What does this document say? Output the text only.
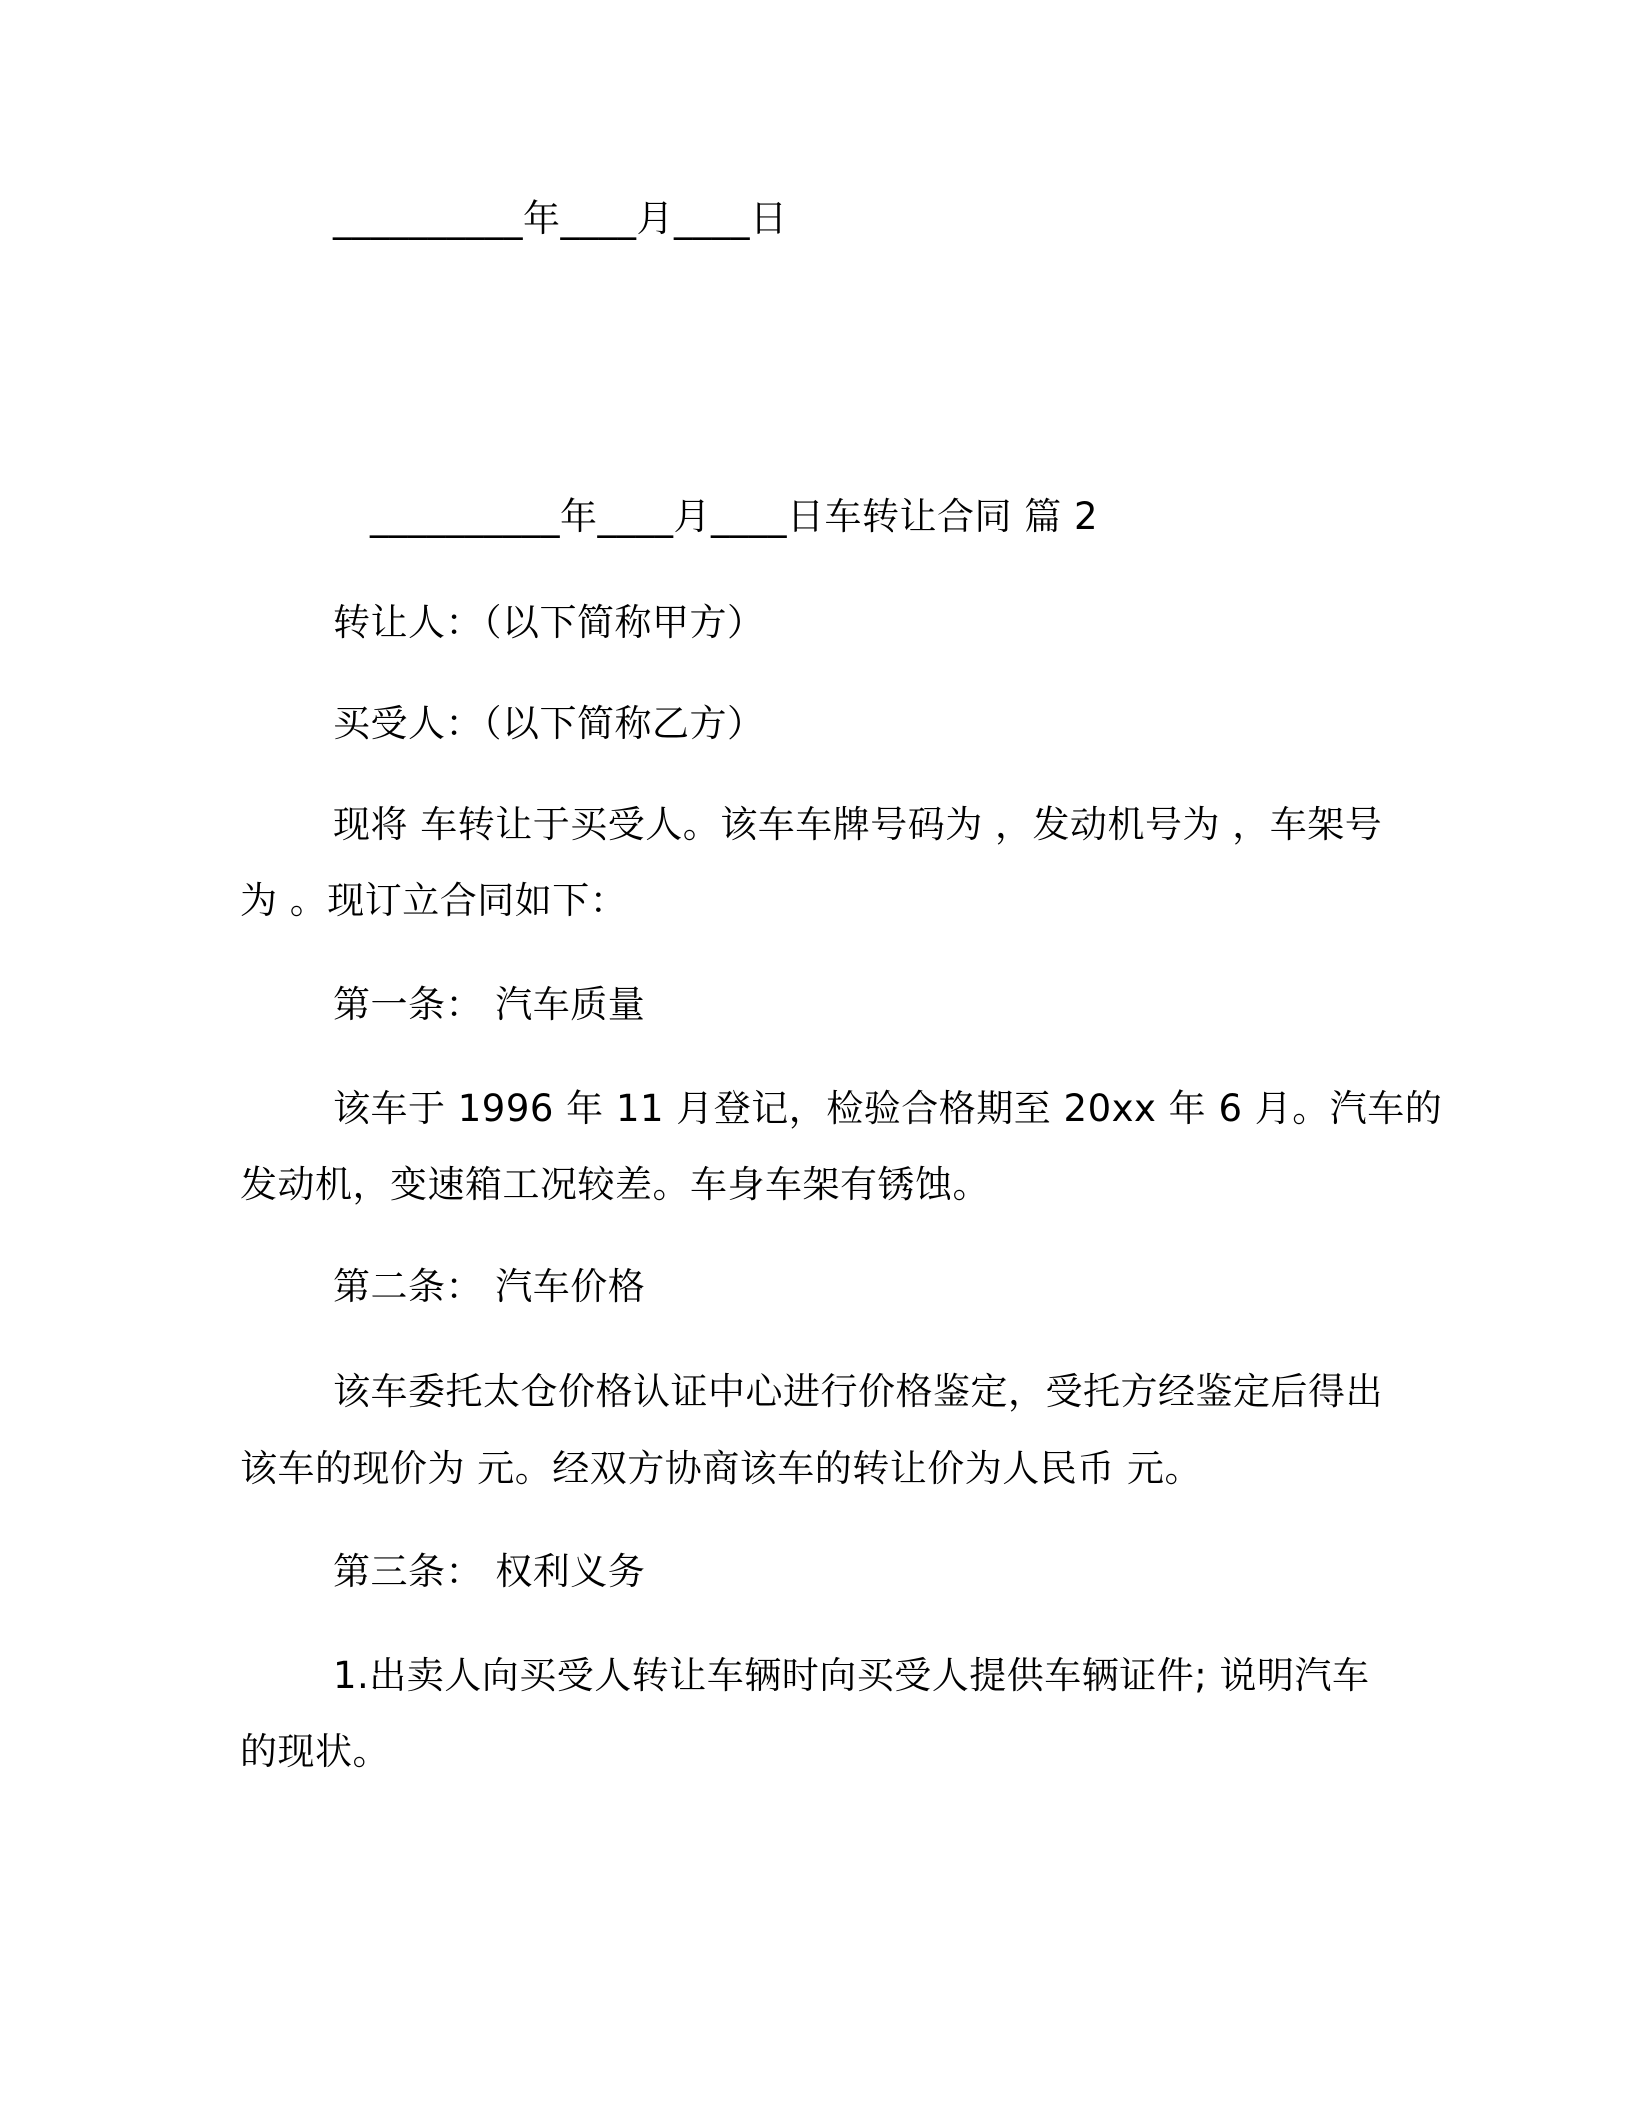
__________年____月____日
__________年____月____日车转让合同 篇 2
转让人：（以下简称甲方）
买受人：（以下简称乙方）
现将 车转让于买受人。该车车牌号码为 ，发动机号为 ，车架号
为 。现订立合同如下：
第一条： 汽车质量
该车于 1996 年 11 月登记，检验合格期至 20xx 年 6 月。汽车的
发动机，变速箱工况较差。车身车架有锈蚀。
第二条： 汽车价格
该车委托太仓价格认证中心进行价格鉴定，受托方经鉴定后得出
该车的现价为 元。经双方协商该车的转让价为人民币 元。
第三条： 权利义务
1.出卖人向买受人转让车辆时向买受人提供车辆证件; 说明汽车
的现状。
